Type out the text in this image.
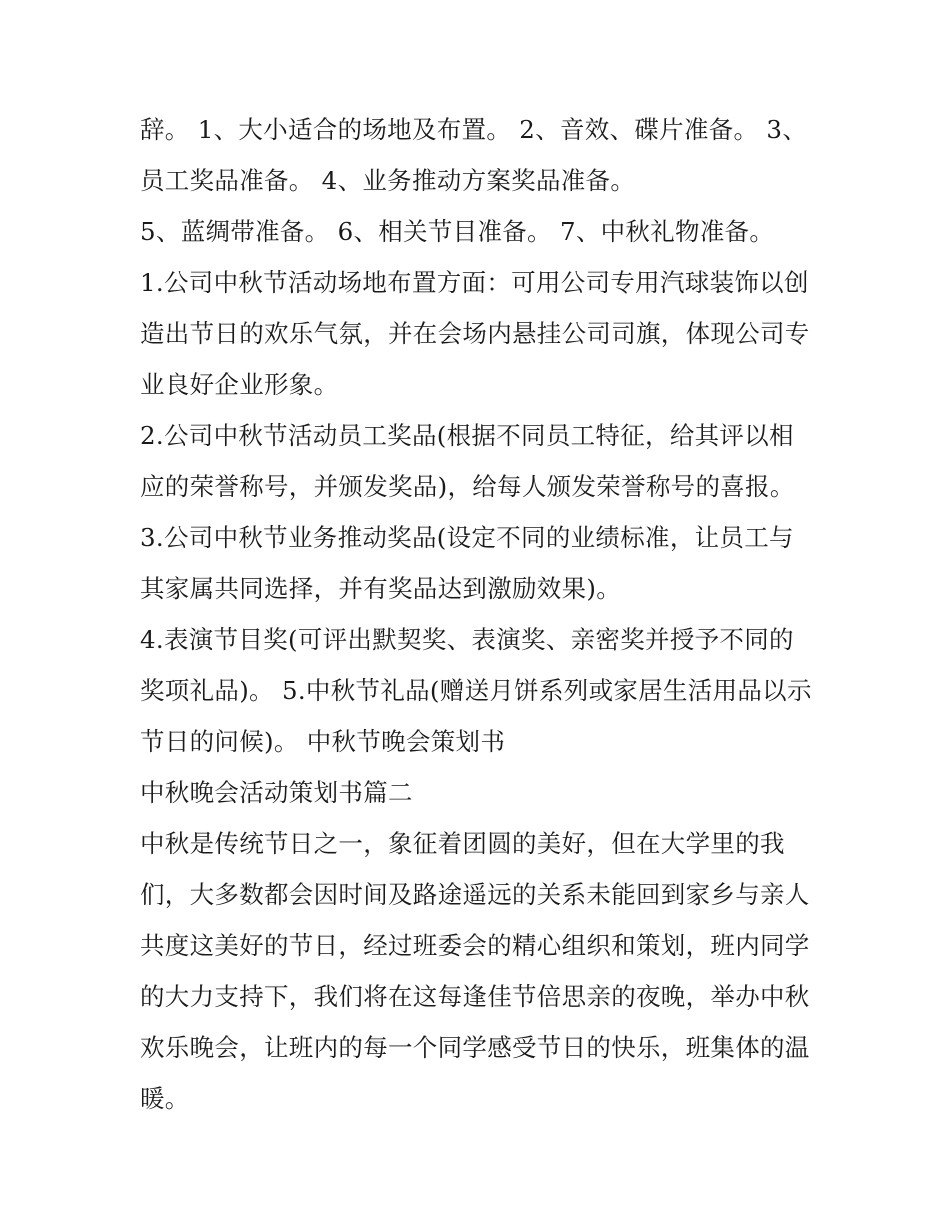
辞。 1、大小适合的场地及布置。 2、音效、碟片准备。 3、
员工奖品准备。 4、业务推动方案奖品准备。
5、蓝绸带准备。 6、相关节目准备。 7、中秋礼物准备。
1.公司中秋节活动场地布置方面：可用公司专用汽球装饰以创
造出节日的欢乐气氛，并在会场内悬挂公司司旗，体现公司专
业良好企业形象。
2.公司中秋节活动员工奖品(根据不同员工特征，给其评以相
应的荣誉称号，并颁发奖品)，给每人颁发荣誉称号的喜报。
3.公司中秋节业务推动奖品(设定不同的业绩标准，让员工与
其家属共同选择，并有奖品达到激励效果)。
4.表演节目奖(可评出默契奖、表演奖、亲密奖并授予不同的
奖项礼品)。 5.中秋节礼品(赠送月饼系列或家居生活用品以示
节日的问候)。 中秋节晚会策划书
中秋晚会活动策划书篇二
中秋是传统节日之一，象征着团圆的美好，但在大学里的我
们，大多数都会因时间及路途遥远的关系未能回到家乡与亲人
共度这美好的节日，经过班委会的精心组织和策划，班内同学
的大力支持下，我们将在这每逢佳节倍思亲的夜晚，举办中秋
欢乐晚会，让班内的每一个同学感受节日的快乐，班集体的温
暖。
